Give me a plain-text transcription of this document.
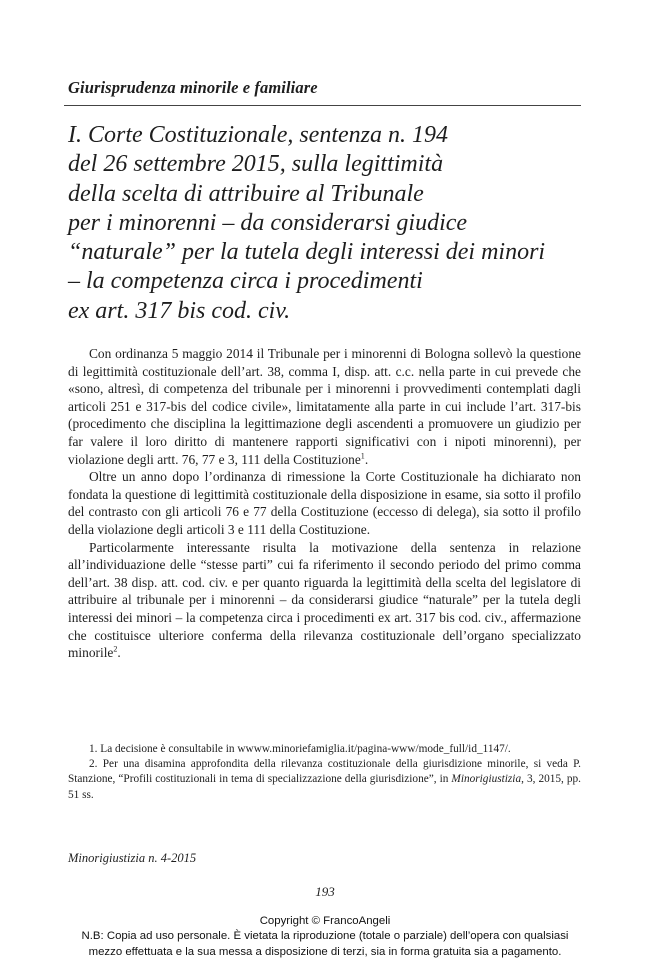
Giurisprudenza minorile e familiare
I. Corte Costituzionale, sentenza n. 194
del 26 settembre 2015, sulla legittimità
della scelta di attribuire al Tribunale
per i minorenni – da considerarsi giudice
“naturale” per la tutela degli interessi dei minori
– la competenza circa i procedimenti
ex art. 317 bis cod. civ.

Con ordinanza 5 maggio 2014 il Tribunale per i minorenni di Bologna sollevò la questione di legittimità costituzionale dell’art. 38, comma I, disp. att. c.c. nella parte in cui prevede che «sono, altresì, di competenza del tribunale per i minorenni i provvedimenti contemplati dagli articoli 251 e 317-bis del codice civile», limitatamente alla parte in cui include l’art. 317-bis (procedimento che disciplina la legittimazione degli ascendenti a promuovere un giudizio per far valere il loro diritto di mantenere rapporti significativi con i nipoti minorenni), per violazione degli artt. 76, 77 e 3, 111 della Costituzione$^1$.

Oltre un anno dopo l’ordinanza di rimessione la Corte Costituzionale ha dichiarato non fondata la questione di legittimità costituzionale della disposizione in esame, sia sotto il profilo del contrasto con gli articoli 76 e 77 della Costituzione (eccesso di delega), sia sotto il profilo della violazione degli articoli 3 e 111 della Costituzione.

Particolarmente interessante risulta la motivazione della sentenza in relazione all’individuazione delle “stesse parti” cui fa riferimento il secondo periodo del primo comma dell’art. 38 disp. att. cod. civ. e per quanto riguarda la legittimità della scelta del legislatore di attribuire al tribunale per i minorenni – da considerarsi giudice “naturale” per la tutela degli interessi dei minori – la competenza circa i procedimenti ex art. 317 bis cod. civ., affermazione che costituisce ulteriore conferma della rilevanza costituzionale dell’organo specializzato minorile$^2$.

1. La decisione è consultabile in wwww.minoriefamiglia.it/pagina-www/mode_full/id_1147/.

2. Per una disamina approfondita della rilevanza costituzionale della giurisdizione minorile, si veda P. Stanzione, “Profili costituzionali in tema di specializzazione della giurisdizione”, in Minorigiustizia, 3, 2015, pp. 51 ss.

Minorigiustizia n. 4-2015
193
Copyright © FrancoAngeli
N.B: Copia ad uso personale. È vietata la riproduzione (totale o parziale) dell’opera con qualsiasi
mezzo effettuata e la sua messa a disposizione di terzi, sia in forma gratuita sia a pagamento.
